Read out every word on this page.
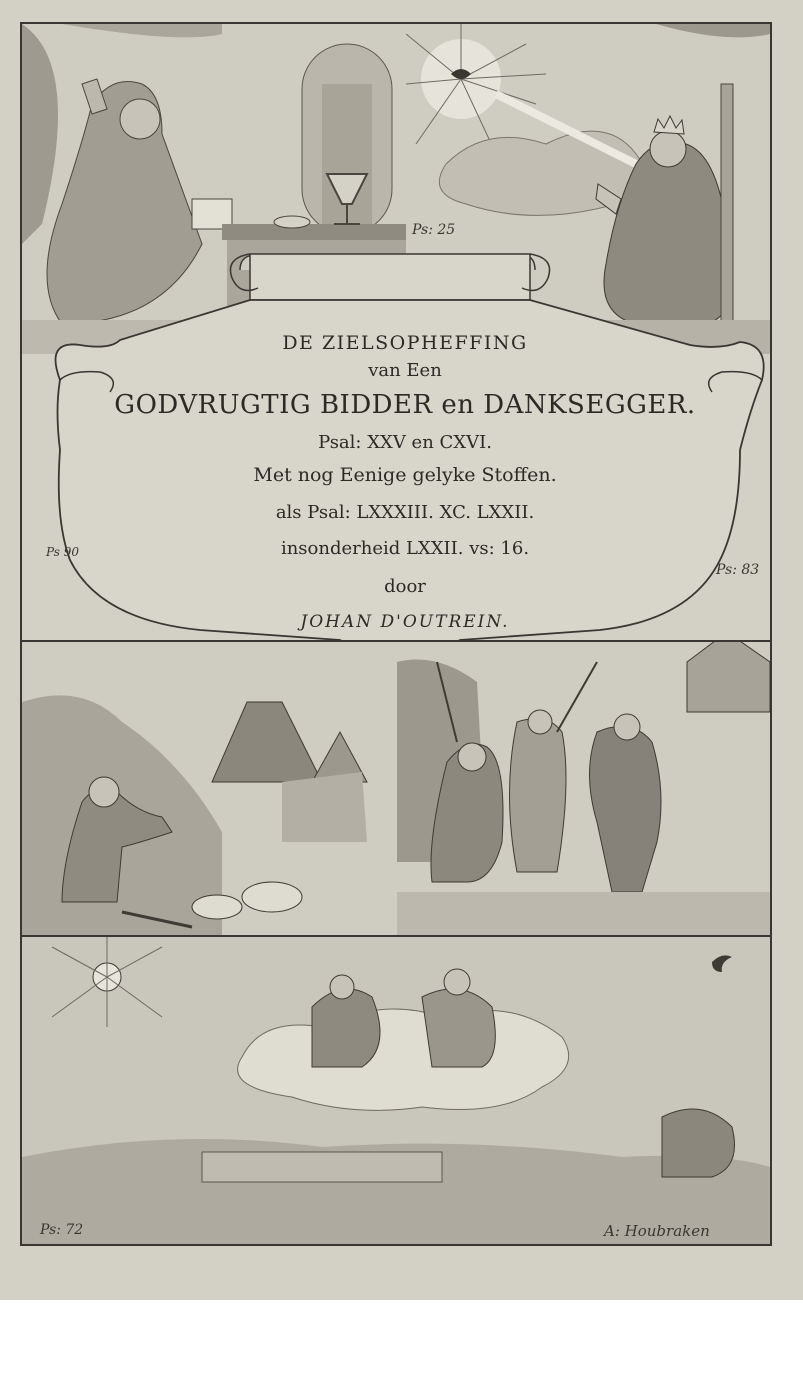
DE ZIELSOPHEFFING
van Een
GODVRUGTIG BIDDER en DANKSEGGER.
Psal: XXV en CXVI.
Met nog Eenige gelyke Stoffen.
als Psal: LXXXIII. XC. LXXII.
insonderheid LXXII. vs: 16.
door
JOHAN D'OUTREIN.
Ps: 25
Ps 90
Ps: 83
Ps: 72	A: Houbraken
